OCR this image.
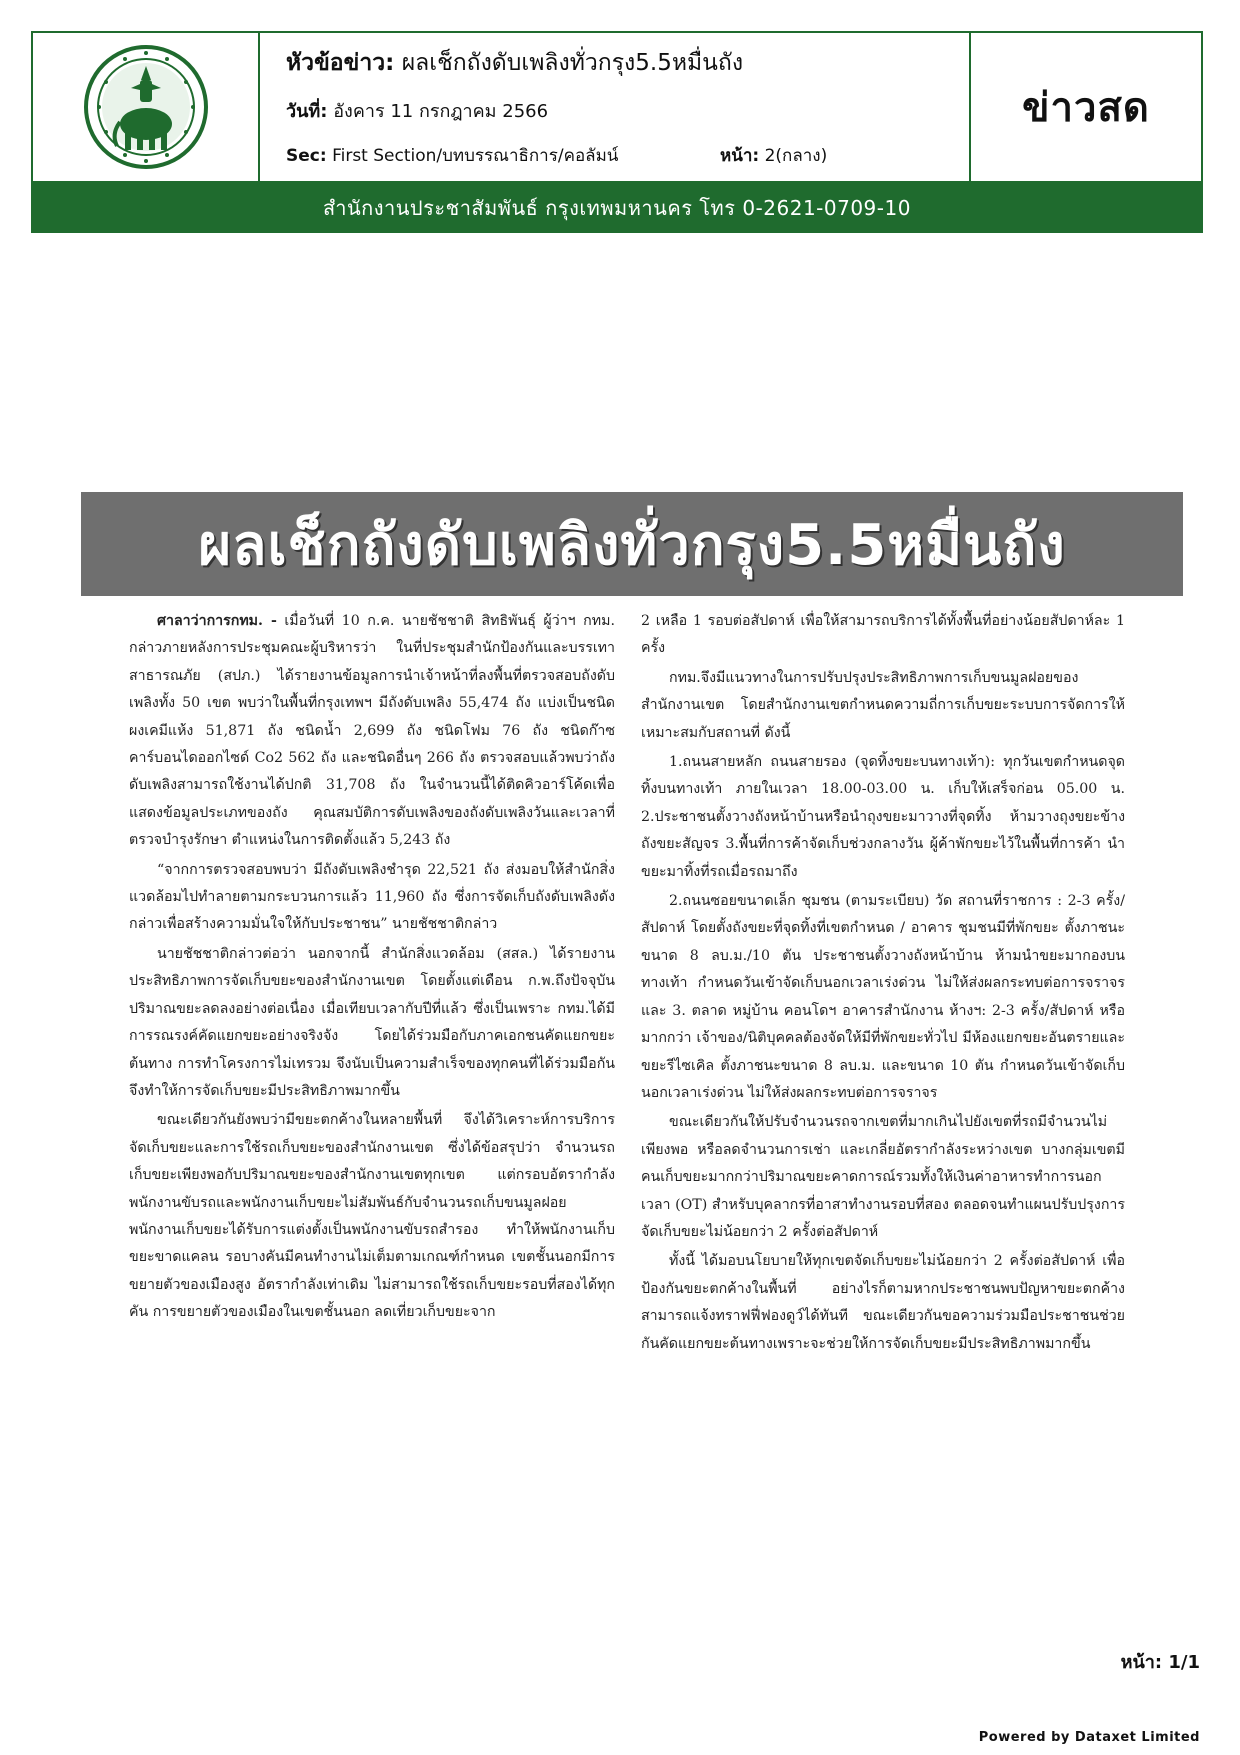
หัวข้อข่าว: ผลเช็กถังดับเพลิงทั่วกรุง5.5หมื่นถัง
วันที่: อังคาร 11 กรกฎาคม 2566
Sec: First Section/บทบรรณาธิการ/คอลัมน์	หน้า: 2(กลาง)
ข่าวสด
สำนักงานประชาสัมพันธ์ กรุงเทพมหานคร โทร 0-2621-0709-10
ผลเช็กถังดับเพลิงทั่วกรุง5.5หมื่นถัง

ศาลาว่าการกทม. - เมื่อวันที่ 10 ก.ค. นายชัชชาติ สิทธิพันธุ์ ผู้ว่าฯ กทม. กล่าวภายหลังการประชุมคณะผู้บริหารว่า ในที่ประชุมสำนักป้องกันและบรรเทาสาธารณภัย (สปภ.) ได้รายงานข้อมูลการนำเจ้าหน้าที่ลงพื้นที่ตรวจสอบถังดับเพลิงทั้ง 50 เขต พบว่าในพื้นที่กรุงเทพฯ มีถังดับเพลิง 55,474 ถัง แบ่งเป็นชนิด ผงเคมีแห้ง 51,871 ถัง ชนิดน้ำ 2,699 ถัง ชนิดโฟม 76 ถัง ชนิดก๊าซคาร์บอนไดออกไซด์ Co2 562 ถัง และชนิดอื่นๆ 266 ถัง ตรวจสอบแล้วพบว่าถังดับเพลิงสามารถใช้งานได้ปกติ 31,708 ถัง ในจำนวนนี้ได้ติดคิวอาร์โค้ดเพื่อแสดงข้อมูลประเภทของถัง คุณสมบัติการดับเพลิงของถังดับเพลิงวันและเวลาที่ตรวจบำรุงรักษา ตำแหน่งในการติดตั้งแล้ว 5,243 ถัง

“จากการตรวจสอบพบว่า มีถังดับเพลิงชำรุด 22,521 ถัง ส่งมอบให้สำนักสิ่งแวดล้อมไปทำลายตามกระบวนการแล้ว 11,960 ถัง ซึ่งการจัดเก็บถังดับเพลิงดังกล่าวเพื่อสร้างความมั่นใจให้กับประชาชน” นายชัชชาติกล่าว

นายชัชชาติกล่าวต่อว่า นอกจากนี้ สำนักสิ่งแวดล้อม (สสล.) ได้รายงานประสิทธิภาพการจัดเก็บขยะของสำนักงานเขต โดยตั้งแต่เดือน ก.พ.ถึงปัจจุบันปริมาณขยะลดลงอย่างต่อเนื่อง เมื่อเทียบเวลากับปีที่แล้ว ซึ่งเป็นเพราะ กทม.ได้มีการรณรงค์คัดแยกขยะอย่างจริงจัง โดยได้ร่วมมือกับภาคเอกชนคัดแยกขยะต้นทาง การทำโครงการไม่เทรวม จึงนับเป็นความสำเร็จของทุกคนที่ได้ร่วมมือกัน จึงทำให้การจัดเก็บขยะมีประสิทธิภาพมากขึ้น

ขณะเดียวกันยังพบว่ามีขยะตกค้างในหลายพื้นที่ จึงได้วิเคราะห์การบริการจัดเก็บขยะและการใช้รถเก็บขยะของสำนักงานเขต ซึ่งได้ข้อสรุปว่า จำนวนรถเก็บขยะเพียงพอกับปริมาณขยะของสำนักงานเขตทุกเขต แต่กรอบอัตรากำลังพนักงานขับรถและพนักงานเก็บขยะไม่สัมพันธ์กับจำนวนรถเก็บขนมูลฝอย พนักงานเก็บขยะได้รับการแต่งตั้งเป็นพนักงานขับรถสำรอง ทำให้พนักงานเก็บขยะขาดแคลน รอบางคันมีคนทำงานไม่เต็มตามเกณฑ์กำหนด เขตชั้นนอกมีการขยายตัวของเมืองสูง อัตรากำลังเท่าเดิม ไม่สามารถใช้รถเก็บขยะรอบที่สองได้ทุกคัน การขยายตัวของเมืองในเขตชั้นนอก ลดเที่ยวเก็บขยะจาก

2 เหลือ 1 รอบต่อสัปดาห์ เพื่อให้สามารถบริการได้ทั้งพื้นที่อย่างน้อยสัปดาห์ละ 1 ครั้ง

กทม.จึงมีแนวทางในการปรับปรุงประสิทธิภาพการเก็บขนมูลฝอยของสำนักงานเขต โดยสำนักงานเขตกำหนดความถี่การเก็บขยะระบบการจัดการให้เหมาะสมกับสถานที่ ดังนี้

1.ถนนสายหลัก ถนนสายรอง (จุดทิ้งขยะบนทางเท้า): ทุกวันเขตกำหนดจุดทิ้งบนทางเท้า ภายในเวลา 18.00-03.00 น. เก็บให้เสร็จก่อน 05.00 น. 2.ประชาชนตั้งวางถังหน้าบ้านหรือนำถุงขยะมาวางที่จุดทิ้ง ห้ามวางถุงขยะข้างถังขยะสัญจร 3.พื้นที่การค้าจัดเก็บช่วงกลางวัน ผู้ค้าพักขยะไว้ในพื้นที่การค้า นำขยะมาทิ้งที่รถเมื่อรถมาถึง

2.ถนนซอยขนาดเล็ก ชุมชน (ตามระเบียบ) วัด สถานที่ราชการ : 2-3 ครั้ง/สัปดาห์ โดยตั้งถังขยะที่จุดทิ้งที่เขตกำหนด / อาคาร ชุมชนมีที่พักขยะ ตั้งภาชนะ ขนาด 8 ลบ.ม./10 ตัน ประชาชนตั้งวางถังหน้าบ้าน ห้ามนำขยะมากองบนทางเท้า กำหนดวันเข้าจัดเก็บนอกเวลาเร่งด่วน ไม่ให้ส่งผลกระทบต่อการจราจร และ 3. ตลาด หมู่บ้าน คอนโดฯ อาคารสำนักงาน ห้างฯ: 2-3 ครั้ง/สัปดาห์ หรือมากกว่า เจ้าของ/นิติบุคคลต้องจัดให้มีที่พักขยะทั่วไป มีห้องแยกขยะอันตรายและขยะรีไซเคิล ตั้งภาชนะขนาด 8 ลบ.ม. และขนาด 10 ตัน กำหนดวันเข้าจัดเก็บนอกเวลาเร่งด่วน ไม่ให้ส่งผลกระทบต่อการจราจร

ขณะเดียวกันให้ปรับจำนวนรถจากเขตที่มากเกินไปยังเขตที่รถมีจำนวนไม่เพียงพอ หรือลดจำนวนการเช่า และเกลี่ยอัตรากำลังระหว่างเขต บางกลุ่มเขตมีคนเก็บขยะมากกว่าปริมาณขยะคาดการณ์รวมทั้งให้เงินค่าอาหารทำการนอกเวลา (OT) สำหรับบุคลากรที่อาสาทำงานรอบที่สอง ตลอดจนทำแผนปรับปรุงการจัดเก็บขยะไม่น้อยกว่า 2 ครั้งต่อสัปดาห์

ทั้งนี้ ได้มอบนโยบายให้ทุกเขตจัดเก็บขยะไม่น้อยกว่า 2 ครั้งต่อสัปดาห์ เพื่อป้องกันขยะตกค้างในพื้นที่ อย่างไรก็ตามหากประชาชนพบปัญหาขยะตกค้างสามารถแจ้งทราฟฟี่ฟองดูว์ได้ทันที ขณะเดียวกันขอความร่วมมือประชาชนช่วยกันคัดแยกขยะต้นทางเพราะจะช่วยให้การจัดเก็บขยะมีประสิทธิภาพมากขึ้น

หน้า: 1/1
Powered by Dataxet Limited
